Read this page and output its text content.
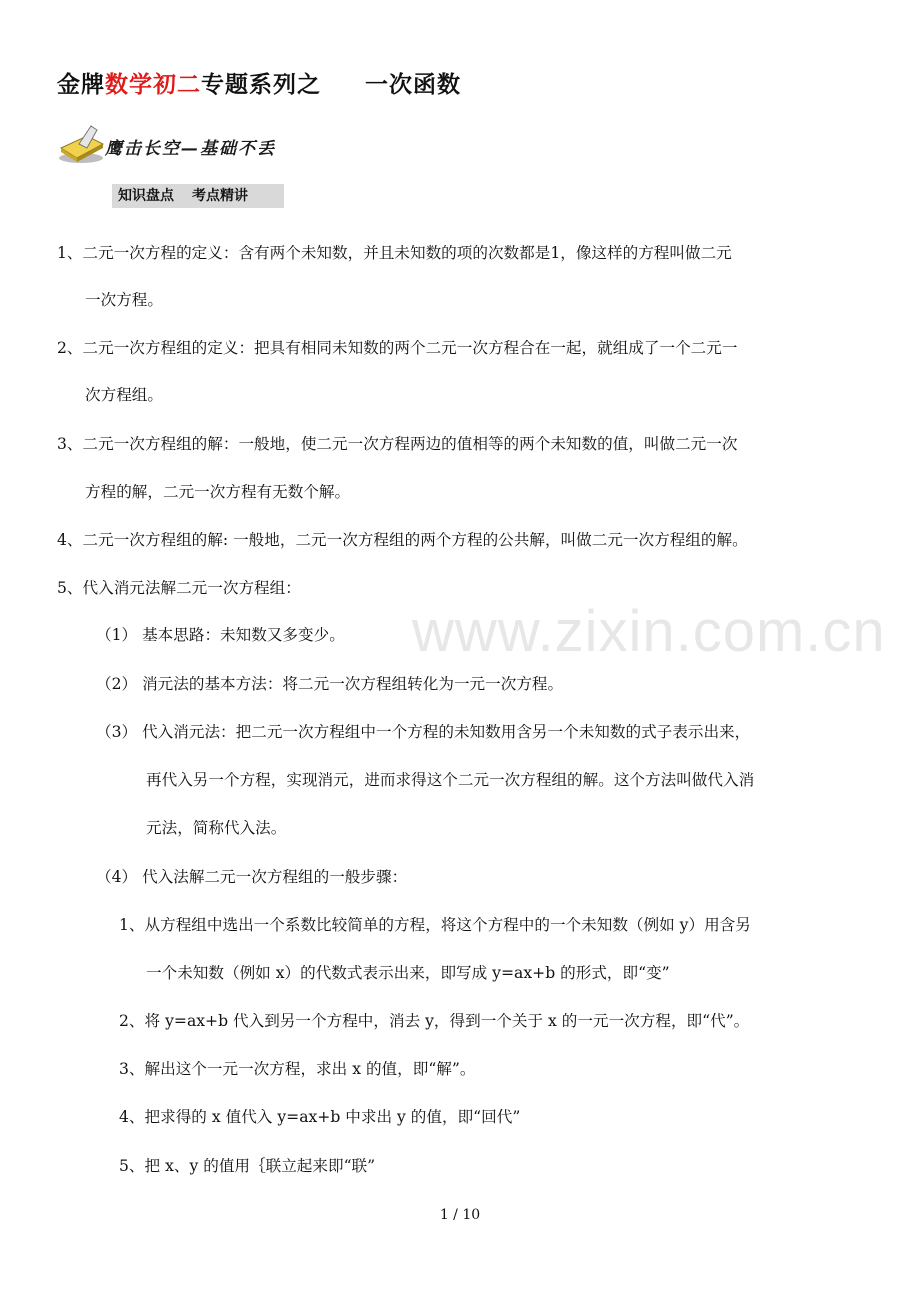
金牌数学初二专题系列之 一次函数
鹰击长空—基础不丢
知识盘点 考点精讲
www.zixin.com.cn
1、二元一次方程的定义：含有两个未知数，并且未知数的项的次数都是1，像这样的方程叫做二元
一次方程。
2、二元一次方程组的定义：把具有相同未知数的两个二元一次方程合在一起，就组成了一个二元一
次方程组。
3、二元一次方程组的解：一般地，使二元一次方程两边的值相等的两个未知数的值，叫做二元一次
方程的解，二元一次方程有无数个解。
4、二元一次方程组的解: 一般地，二元一次方程组的两个方程的公共解，叫做二元一次方程组的解。
5、代入消元法解二元一次方程组：
（1） 基本思路：未知数又多变少。
（2） 消元法的基本方法：将二元一次方程组转化为一元一次方程。
（3） 代入消元法：把二元一次方程组中一个方程的未知数用含另一个未知数的式子表示出来，
再代入另一个方程，实现消元，进而求得这个二元一次方程组的解。这个方法叫做代入消
元法，简称代入法。
（4） 代入法解二元一次方程组的一般步骤：
1、从方程组中选出一个系数比较简单的方程，将这个方程中的一个未知数（例如 y）用含另
一个未知数（例如 x）的代数式表示出来，即写成 y=ax+b 的形式，即“变”
2、将 y=ax+b 代入到另一个方程中，消去 y，得到一个关于 x 的一元一次方程，即“代”。
3、解出这个一元一次方程，求出 x 的值，即“解”。
4、把求得的 x 值代入 y=ax+b 中求出 y 的值，即“回代”
5、把 x、y 的值用｛联立起来即“联”
1 / 10
